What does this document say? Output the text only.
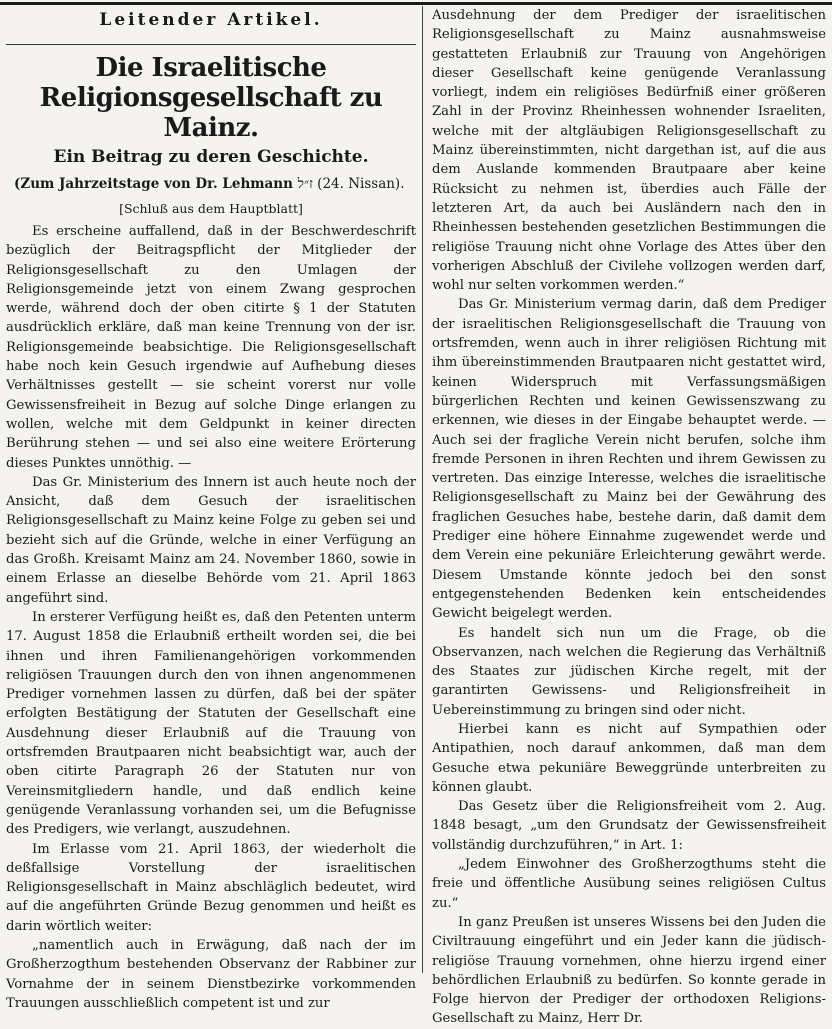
Leitender Artikel.
Die Israelitische Religionsgesellschaft zu Mainz.
Ein Beitrag zu deren Geschichte.
(Zum Jahrzeitstage von Dr. Lehmann ז״ל (24. Nissan).
[Schluß aus dem Hauptblatt]

Es erscheine auffallend, daß in der Beschwerdeschrift bezüglich der Beitragspflicht der Mitglieder der Religionsgesellschaft zu den Umlagen der Religionsgemeinde jetzt von einem Zwang gesprochen werde, während doch der oben citirte § 1 der Statuten ausdrücklich erkläre, daß man keine Trennung von der isr. Religionsgemeinde beabsichtige. Die Religionsgesellschaft habe noch kein Gesuch irgendwie auf Aufhebung dieses Verhältnisses gestellt — sie scheint vorerst nur volle Gewissensfreiheit in Bezug auf solche Dinge erlangen zu wollen, welche mit dem Geldpunkt in keiner directen Berührung stehen — und sei also eine weitere Erörterung dieses Punktes unnöthig. —

Das Gr. Ministerium des Innern ist auch heute noch der Ansicht, daß dem Gesuch der israelitischen Religionsgesellschaft zu Mainz keine Folge zu geben sei und bezieht sich auf die Gründe, welche in einer Verfügung an das Großh. Kreisamt Mainz am 24. November 1860, sowie in einem Erlasse an dieselbe Behörde vom 21. April 1863 angeführt sind.

In ersterer Verfügung heißt es, daß den Petenten unterm 17. August 1858 die Erlaubniß ertheilt worden sei, die bei ihnen und ihren Familienangehörigen vorkommenden religiösen Trauungen durch den von ihnen angenommenen Prediger vornehmen lassen zu dürfen, daß bei der später erfolgten Bestätigung der Statuten der Gesellschaft eine Ausdehnung dieser Erlaubniß auf die Trauung von ortsfremden Brautpaaren nicht beabsichtigt war, auch der oben citirte Paragraph 26 der Statuten nur von Vereinsmitgliedern handle, und daß endlich keine genügende Veranlassung vorhanden sei, um die Befugnisse des Predigers, wie verlangt, auszudehnen.

Im Erlasse vom 21. April 1863, der wiederholt die deßfallsige Vorstellung der israelitischen Religionsgesellschaft in Mainz abschläglich bedeutet, wird auf die angeführten Gründe Bezug genommen und heißt es darin wörtlich weiter:

„namentlich auch in Erwägung, daß nach der im Großherzogthum bestehenden Observanz der Rabbiner zur Vornahme der in seinem Dienstbezirke vorkommenden Trauungen ausschließlich competent ist und zur

Ausdehnung der dem Prediger der israelitischen Religionsgesellschaft zu Mainz ausnahmsweise gestatteten Erlaubniß zur Trauung von Angehörigen dieser Gesellschaft keine genügende Veranlassung vorliegt, indem ein religiöses Bedürfniß einer größeren Zahl in der Provinz Rheinhessen wohnender Israeliten, welche mit der altgläubigen Religionsgesellschaft zu Mainz übereinstimmten, nicht dargethan ist, auf die aus dem Auslande kommenden Brautpaare aber keine Rücksicht zu nehmen ist, überdies auch Fälle der letzteren Art, da auch bei Ausländern nach den in Rheinhessen bestehenden gesetzlichen Bestimmungen die religiöse Trauung nicht ohne Vorlage des Attes über den vorherigen Abschluß der Civilehe vollzogen werden darf, wohl nur selten vorkommen werden.“

Das Gr. Ministerium vermag darin, daß dem Prediger der israelitischen Religionsgesellschaft die Trauung von ortsfremden, wenn auch in ihrer religiösen Richtung mit ihm übereinstimmenden Brautpaaren nicht gestattet wird, keinen Widerspruch mit Verfassungsmäßigen bürgerlichen Rechten und keinen Gewissenszwang zu erkennen, wie dieses in der Eingabe behauptet werde. — Auch sei der fragliche Verein nicht berufen, solche ihm fremde Personen in ihren Rechten und ihrem Gewissen zu vertreten. Das einzige Interesse, welches die israelitische Religionsgesellschaft zu Mainz bei der Gewährung des fraglichen Gesuches habe, bestehe darin, daß damit dem Prediger eine höhere Einnahme zugewendet werde und dem Verein eine pekuniäre Erleichterung gewährt werde. Diesem Umstande könnte jedoch bei den sonst entgegenstehenden Bedenken kein entscheidendes Gewicht beigelegt werden.

Es handelt sich nun um die Frage, ob die Observanzen, nach welchen die Regierung das Verhältniß des Staates zur jüdischen Kirche regelt, mit der garantirten Gewissens- und Religionsfreiheit in Uebereinstimmung zu bringen sind oder nicht.

Hierbei kann es nicht auf Sympathien oder Antipathien, noch darauf ankommen, daß man dem Gesuche etwa pekuniäre Beweggründe unterbreiten zu können glaubt.

Das Gesetz über die Religionsfreiheit vom 2. Aug. 1848 besagt, „um den Grundsatz der Gewissensfreiheit vollständig durchzuführen,“ in Art. 1:

„Jedem Einwohner des Großherzogthums steht die freie und öffentliche Ausübung seines religiösen Cultus zu.“

In ganz Preußen ist unseres Wissens bei den Juden die Civiltrauung eingeführt und ein Jeder kann die jüdisch-religiöse Trauung vornehmen, ohne hierzu irgend einer behördlichen Erlaubniß zu bedürfen. So konnte gerade in Folge hiervon der Prediger der orthodoxen Religions-Gesellschaft zu Mainz, Herr Dr.
